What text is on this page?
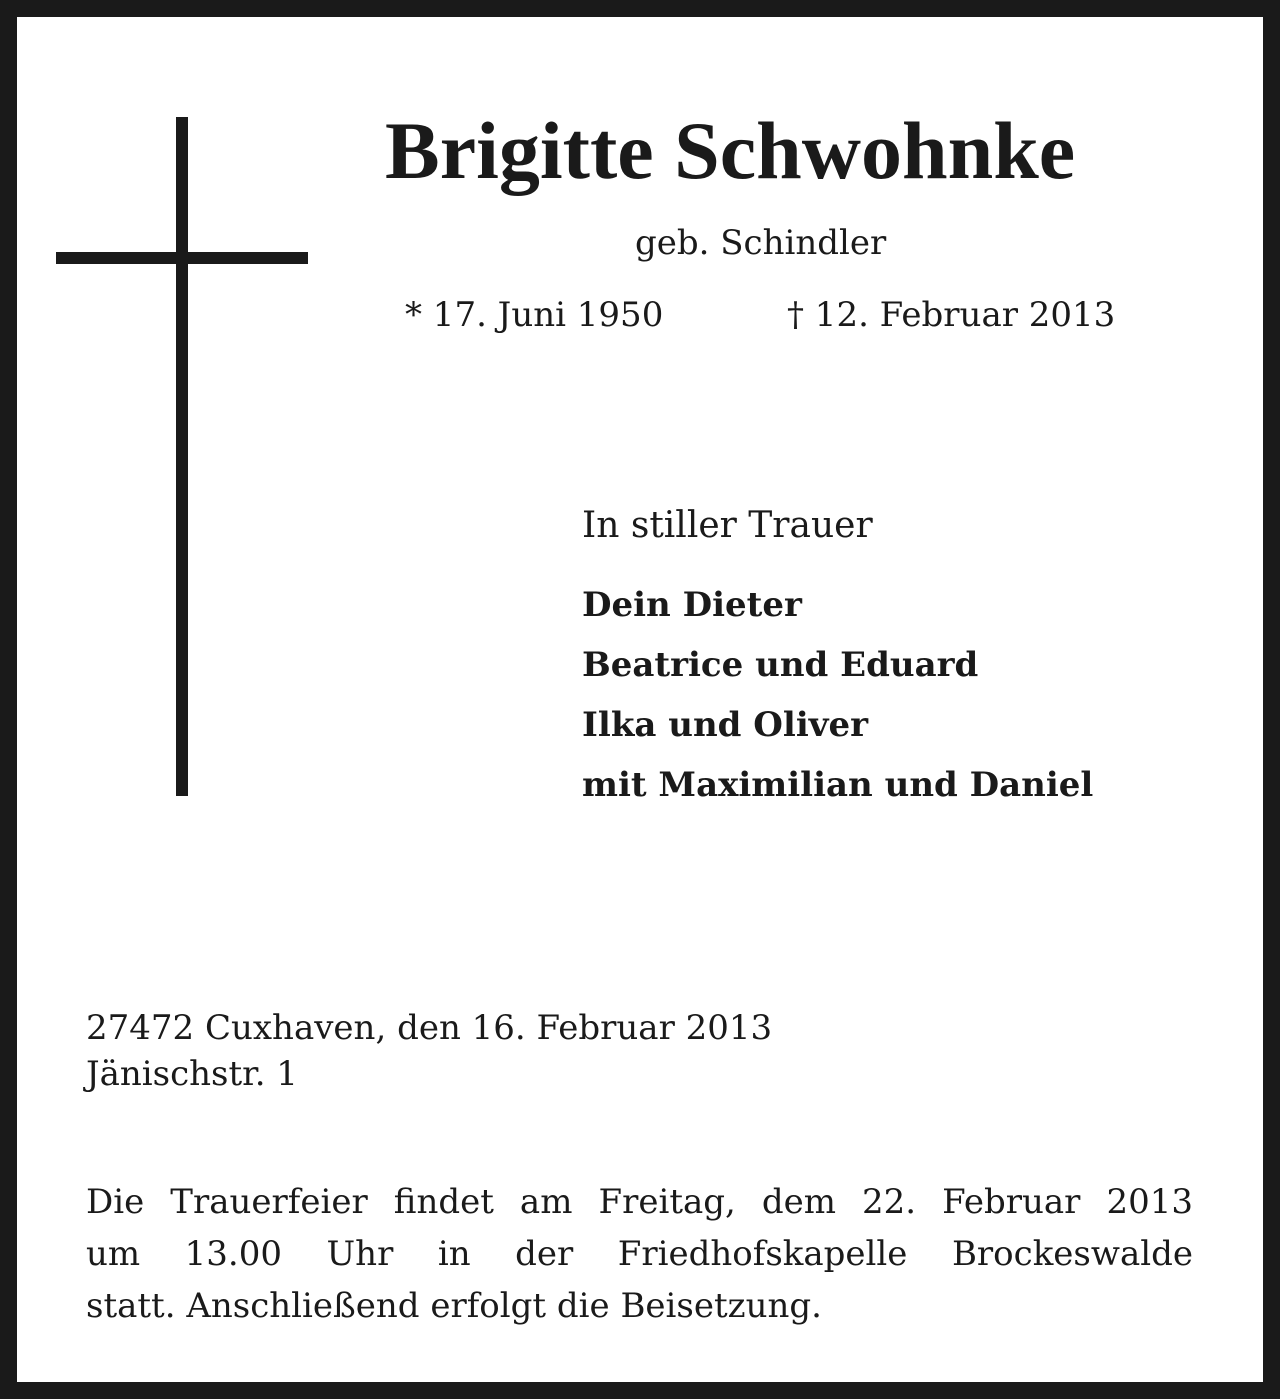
Brigitte Schwohnke
geb. Schindler
* 17. Juni 1950	† 12. Februar 2013
In stiller Trauer
Dein Dieter
Beatrice und Eduard
Ilka und Oliver
mit Maximilian und Daniel
27472 Cuxhaven, den 16. Februar 2013
Jänischstr. 1
Die Trauerfeier findet am Freitag, dem 22. Februar 2013
um 13.00 Uhr in der Friedhofskapelle Brockeswalde
statt. Anschließend erfolgt die Beisetzung.
